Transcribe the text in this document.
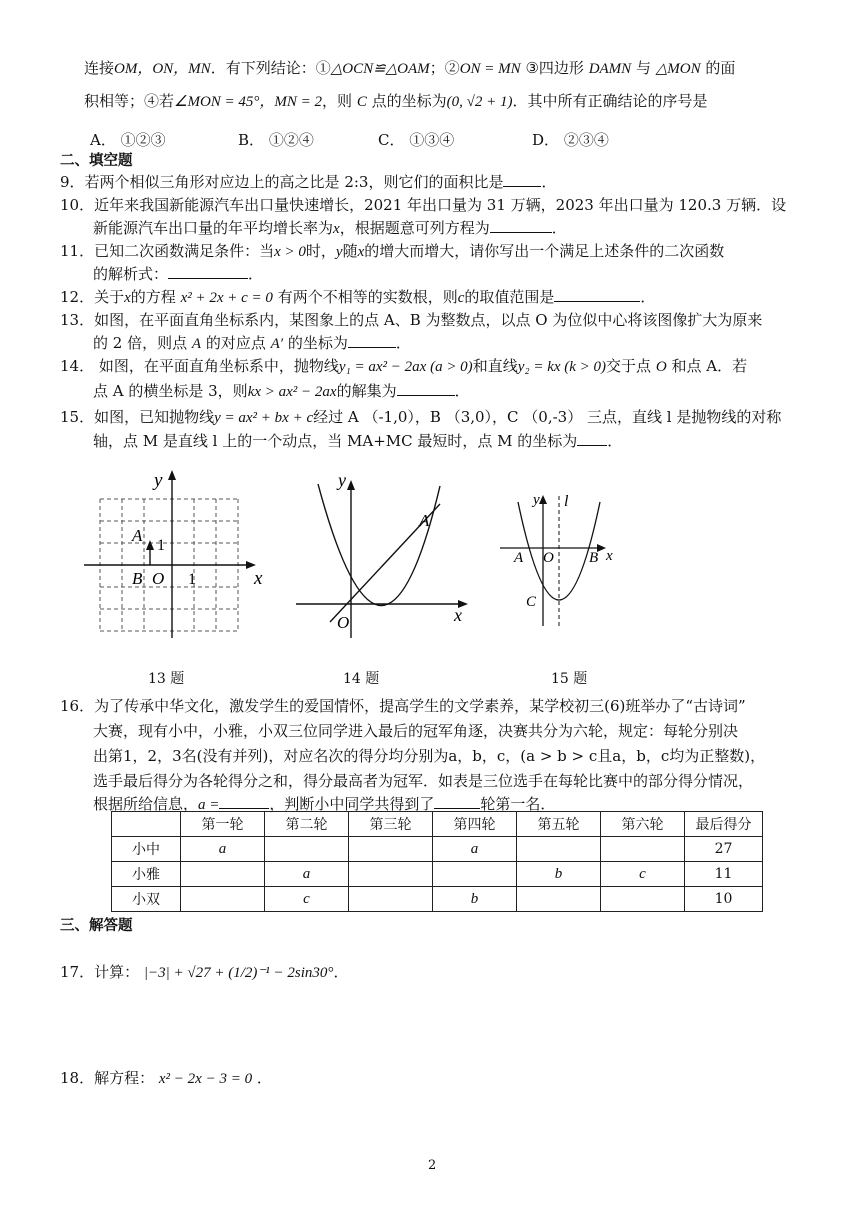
连接OM，ON，MN．有下列结论：①△OCN≌△OAM；②ON = MN ③四边形 DAMN 与 △MON 的面
积相等；④若∠MON = 45°，MN = 2，则 C 点的坐标为(0, √2 + 1)．其中所有正确结论的序号是
A． ①②③	B． ①②④	C． ①③④	D． ②③④
二、填空题
9．若两个相似三角形对应边上的高之比是 2:3，则它们的面积比是	．
10．近年来我国新能源汽车出口量快速增长，2021 年出口量为 31 万辆，2023 年出口量为 120.3 万辆．设
新能源汽车出口量的年平均增长率为x，根据题意可列方程为	．
11．已知二次函数满足条件：当x > 0时，y随x的增大而增大，请你写出一个满足上述条件的二次函数
的解析式：	．
12．关于x的方程 x² + 2x + c = 0 有两个不相等的实数根，则c的取值范围是	．
13．如图，在平面直角坐标系内，某图象上的点 A、B 为整数点，以点 O 为位似中心将该图像扩大为原来
的 2 倍，则点 A 的对应点 A′ 的坐标为	．
14． 如图，在平面直角坐标系中，抛物线y₁ = ax² − 2ax (a > 0)和直线y₂ = kx (k > 0)交于点 O 和点 A．若
点 A 的横坐标是 3，则kx > ax² − 2ax的解集为	．
15．如图，已知抛物线y = ax² + bx + c经过 A （-1,0），B （3,0），C （0,-3） 三点，直线 l 是抛物线的对称
轴，点 M 是直线 l 上的一个动点，当 MA+MC 最短时，点 M 的坐标为 ．
y
x
A
1
B O 1
13 题
y
x
A
O
14 题
y l
A O B x
C
15 题
16．为了传承中华文化，激发学生的爱国情怀，提高学生的文学素养，某学校初三(6)班举办了“古诗词”
大赛，现有小中，小雅，小双三位同学进入最后的冠军角逐，决赛共分为六轮，规定：每轮分别决
出第1，2，3名(没有并列)，对应名次的得分均分别为a，b，c，(a > b > c且a，b，c均为正整数)，
选手最后得分为各轮得分之和，得分最高者为冠军．如表是三位选手在每轮比赛中的部分得分情况，
根据所给信息，a =	，判断小中同学共得到了	轮第一名．
	第一轮	第二轮	第三轮	第四轮	第五轮	第六轮	最后得分
小中	a			a			27
小雅		a			b	c	11
小双		c		b			10
三、解答题
17．计算： |−3| + √27 + (1/2)⁻¹ − 2sin30°．
18．解方程： x² − 2x − 3 = 0 ．
2
